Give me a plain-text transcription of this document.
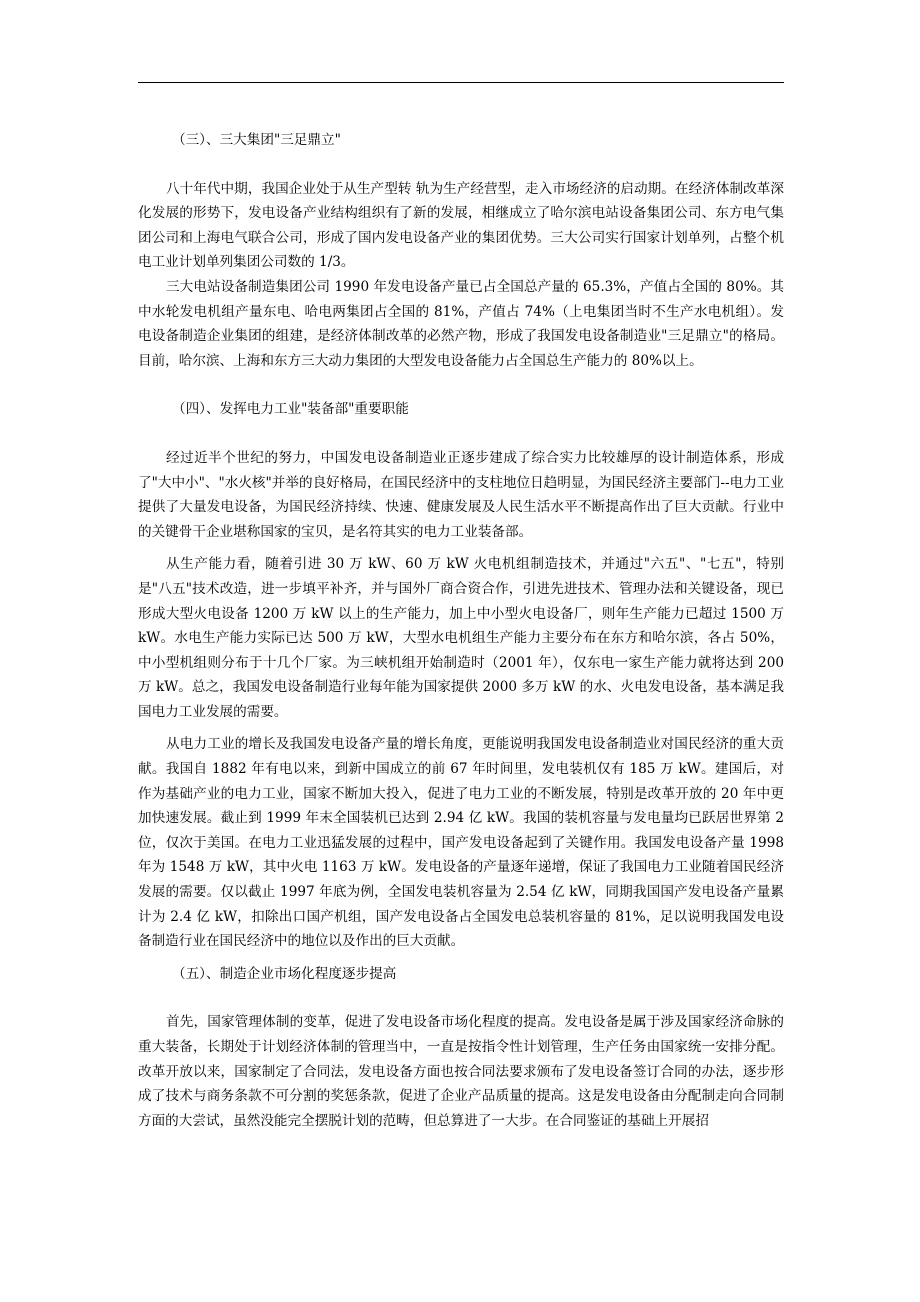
（三）、三大集团"三足鼎立"

八十年代中期，我国企业处于从生产型转 轨为生产经营型，走入市场经济的启动期。在经济体制改革深化发展的形势下，发电设备产业结构组织有了新的发展，相继成立了哈尔滨电站设备集团公司、东方电气集团公司和上海电气联合公司，形成了国内发电设备产业的集团优势。三大公司实行国家计划单列，占整个机电工业计划单列集团公司数的 1/3。

三大电站设备制造集团公司 1990 年发电设备产量已占全国总产量的 65.3%，产值占全国的 80%。其中水轮发电机组产量东电、哈电两集团占全国的 81%，产值占 74%（上电集团当时不生产水电机组）。发电设备制造企业集团的组建，是经济体制改革的必然产物，形成了我国发电设备制造业"三足鼎立"的格局。目前，哈尔滨、上海和东方三大动力集团的大型发电设备能力占全国总生产能力的 80%以上。

（四）、发挥电力工业"装备部"重要职能

经过近半个世纪的努力，中国发电设备制造业正逐步建成了综合实力比较雄厚的设计制造体系，形成了"大中小"、"水火核"并举的良好格局，在国民经济中的支柱地位日趋明显，为国民经济主要部门--电力工业提供了大量发电设备，为国民经济持续、快速、健康发展及人民生活水平不断提高作出了巨大贡献。行业中的关键骨干企业堪称国家的宝贝，是名符其实的电力工业装备部。

从生产能力看，随着引进 30 万 kW、60 万 kW 火电机组制造技术，并通过"六五"、"七五"，特别是"八五"技术改造，进一步填平补齐，并与国外厂商合资合作，引进先进技术、管理办法和关键设备，现已形成大型火电设备 1200 万 kW 以上的生产能力，加上中小型火电设备厂，则年生产能力已超过 1500 万 kW。水电生产能力实际已达 500 万 kW，大型水电机组生产能力主要分布在东方和哈尔滨，各占 50%，中小型机组则分布于十几个厂家。为三峡机组开始制造时（2001 年），仅东电一家生产能力就将达到 200 万 kW。总之，我国发电设备制造行业每年能为国家提供 2000 多万 kW 的水、火电发电设备，基本满足我国电力工业发展的需要。

从电力工业的增长及我国发电设备产量的增长角度，更能说明我国发电设备制造业对国民经济的重大贡献。我国自 1882 年有电以来，到新中国成立的前 67 年时间里，发电装机仅有 185 万 kW。建国后，对作为基础产业的电力工业，国家不断加大投入，促进了电力工业的不断发展，特别是改革开放的 20 年中更加快速发展。截止到 1999 年末全国装机已达到 2.94 亿 kW。我国的装机容量与发电量均已跃居世界第 2 位，仅次于美国。在电力工业迅猛发展的过程中，国产发电设备起到了关键作用。我国发电设备产量 1998 年为 1548 万 kW，其中火电 1163 万 kW。发电设备的产量逐年递增，保证了我国电力工业随着国民经济发展的需要。仅以截止 1997 年底为例，全国发电装机容量为 2.54 亿 kW，同期我国国产发电设备产量累计为 2.4 亿 kW，扣除出口国产机组，国产发电设备占全国发电总装机容量的 81%，足以说明我国发电设备制造行业在国民经济中的地位以及作出的巨大贡献。

（五）、制造企业市场化程度逐步提高

首先，国家管理体制的变革，促进了发电设备市场化程度的提高。发电设备是属于涉及国家经济命脉的重大装备，长期处于计划经济体制的管理当中，一直是按指令性计划管理，生产任务由国家统一安排分配。改革开放以来，国家制定了合同法，发电设备方面也按合同法要求颁布了发电设备签订合同的办法，逐步形成了技术与商务条款不可分割的奖惩条款，促进了企业产品质量的提高。这是发电设备由分配制走向合同制方面的大尝试，虽然没能完全摆脱计划的范畴，但总算进了一大步。在合同鉴证的基础上开展招
